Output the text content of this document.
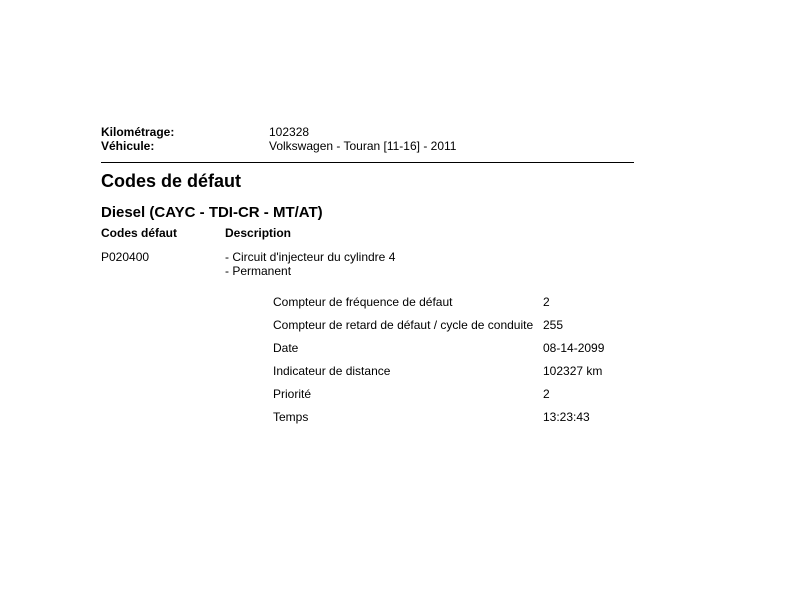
Kilométrage:	102328
Véhicule:	Volkswagen - Touran [11-16] - 2011
Codes de défaut
Diesel (CAYC - TDI-CR - MT/AT)
Codes défaut	Description
P020400	- Circuit d'injecteur du cylindre 4
- Permanent
Compteur de fréquence de défaut	2
Compteur de retard de défaut / cycle de conduite 255
Date	08-14-2099
Indicateur de distance	102327 km
Priorité	2
Temps	13:23:43
